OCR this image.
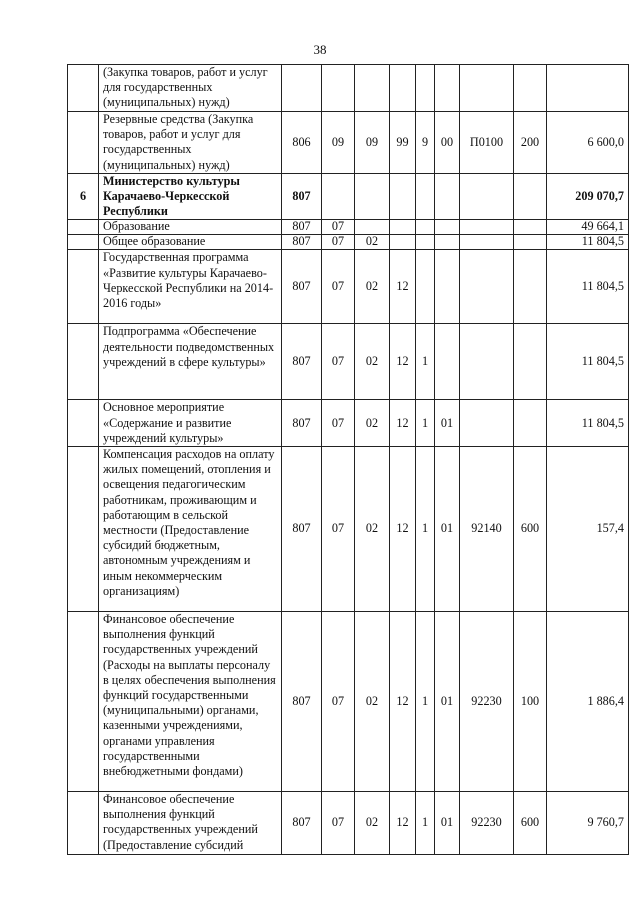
38
	(Закупка товаров, работ и услуг для государственных (муниципальных) нужд)									
	Резервные средства (Закупка товаров, работ и услуг для государственных (муниципальных) нужд)	806	09	09	99	9	00	П0100	200	6 600,0
6	Министерство культуры Карачаево-Черкесской Республики	807								209 070,7
	Образование	807	07							49 664,1
	Общее образование	807	07	02						11 804,5
	Государственная программа «Развитие культуры Карачаево-Черкесской Республики на 2014-2016 годы»	807	07	02	12					11 804,5
	Подпрограмма «Обеспечение деятельности подведомственных учреждений в сфере культуры»	807	07	02	12	1				11 804,5
	Основное мероприятие «Содержание и развитие учреждений культуры»	807	07	02	12	1	01			11 804,5
	Компенсация расходов на оплату жилых помещений, отопления и освещения педагогическим работникам, проживающим и работающим в сельской местности (Предоставление субсидий бюджетным, автономным учреждениям и иным некоммерческим организациям)	807	07	02	12	1	01	92140	600	157,4
	Финансовое обеспечение выполнения функций государственных учреждений (Расходы на выплаты персоналу в целях обеспечения выполнения функций государственными (муниципальными) органами, казенными учреждениями, органами управления государственными внебюджетными фондами)	807	07	02	12	1	01	92230	100	1 886,4
	Финансовое обеспечение выполнения функций государственных учреждений (Предоставление субсидий	807	07	02	12	1	01	92230	600	9 760,7
